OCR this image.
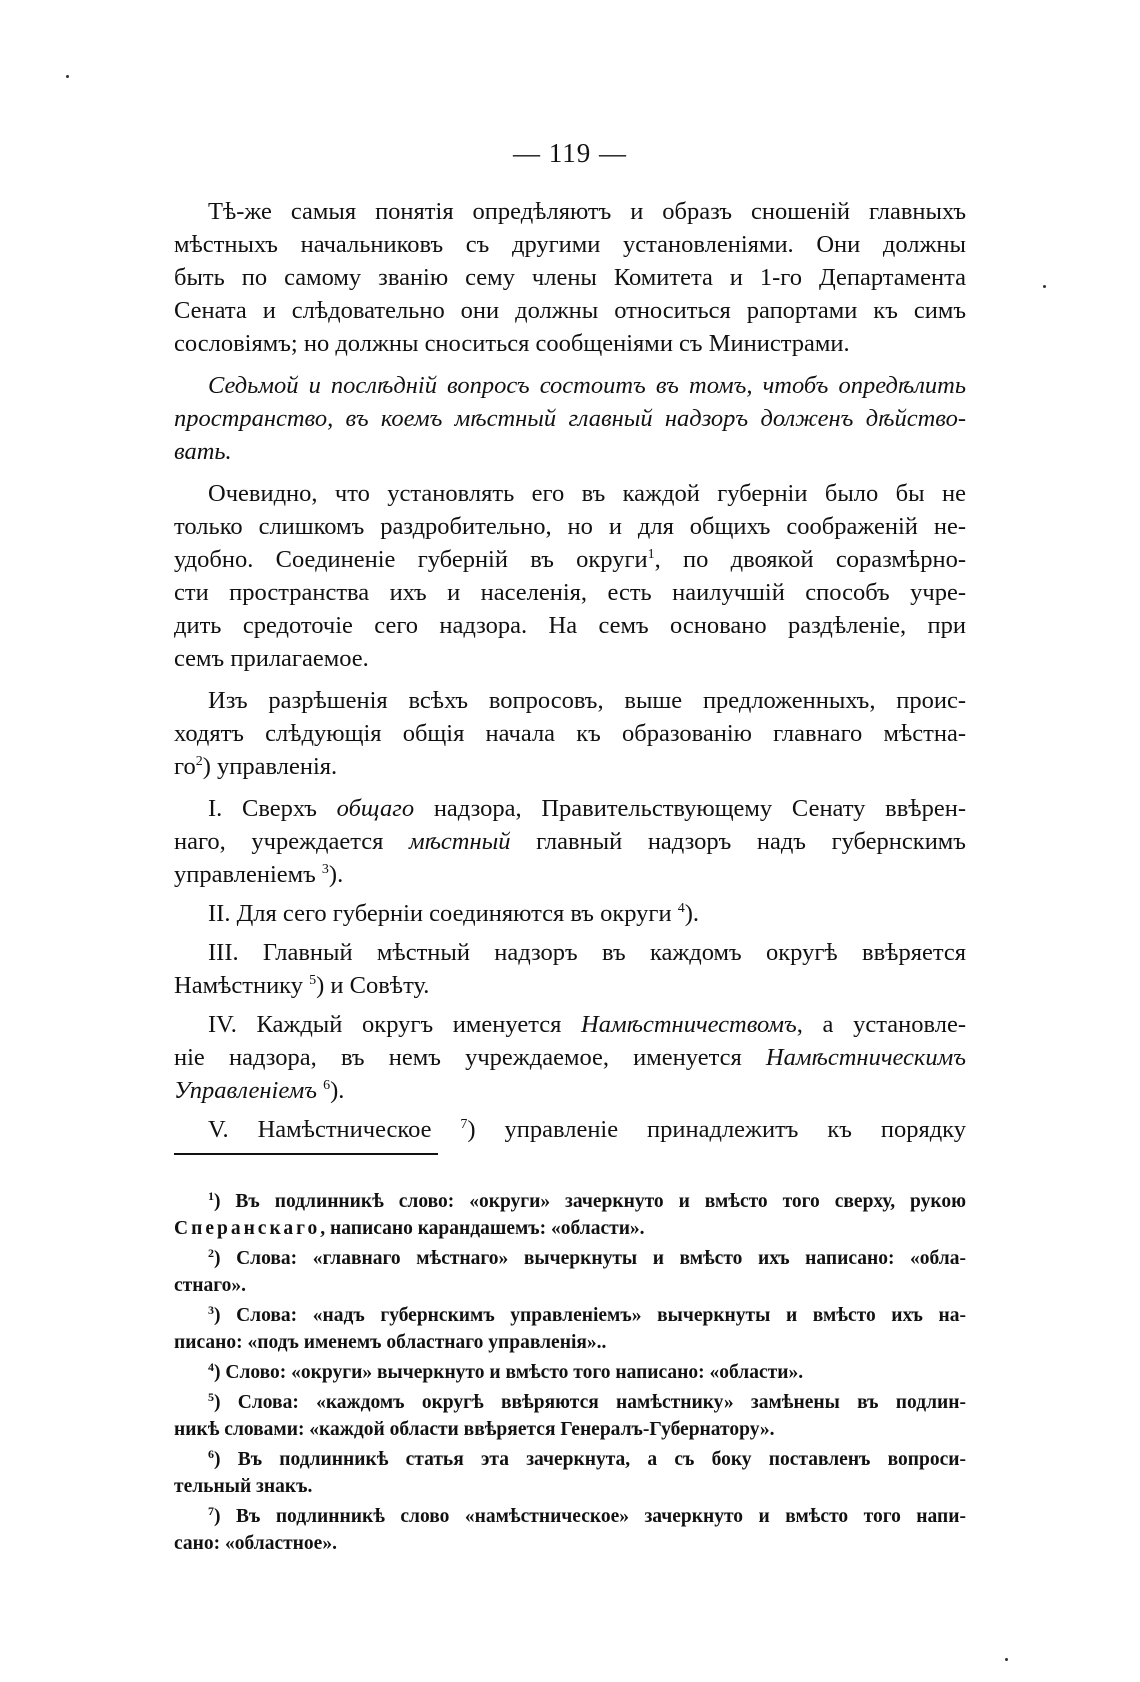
— 119 —
Тѣ-же самыя понятія опредѣляютъ и образъ сношеній главныхъ
мѣстныхъ начальниковъ съ другими установленіями. Они должны
быть по самому званію сему члены Комитета и 1-го Департамента
Сената и слѣдовательно они должны относиться рапортами къ симъ
сословіямъ; но должны сноситься сообщеніями съ Министрами.
Седьмой и послѣдній вопросъ состоитъ въ томъ, чтобъ опредѣлить
пространство, въ коемъ мѣстный главный надзоръ долженъ дѣйство-
вать.
Очевидно, что установлять его въ каждой губерніи было бы не
только слишкомъ раздробительно, но и для общихъ соображеній не-
удобно. Соединеніе губерній въ округи$^1$, по двоякой соразмѣрно-
сти пространства ихъ и населенія, есть наилучшій способъ учре-
дить средоточіе сего надзора. На семъ основано раздѣленіе, при
семъ прилагаемое.
Изъ разрѣшенія всѣхъ вопросовъ, выше предложенныхъ, проис-
ходятъ слѣдующія общія начала къ образованію главнаго мѣстна-
$го^2$) управленія.
I. Сверхъ общаго надзора, Правительствующему Сенату ввѣрен-
наго, учреждается мѣстный главный надзоръ надъ губернскимъ
управленіемъ $^3$).
II. Для сего губерніи соединяются въ округи $^4$).
III. Главный мѣстный надзоръ въ каждомъ округѣ ввѣряется
Намѣстнику $^5$) и Совѣту.
IV. Каждый округъ именуется Намѣстничествомъ, а установле-
ніе надзора, въ немъ учреждаемое, именуется Намѣстническимъ
Управленіемъ $^6$).
V. Намѣстническое $^7$) управленіе принадлежитъ къ порядку
$^1$) Въ подлинникѣ слово: «округи» зачеркнуто и вмѣсто того сверху, рукою
Сперанскаго, написано карандашемъ: «области».
$^2$) Слова: «главнаго мѣстнаго» вычеркнуты и вмѣсто ихъ написано: «обла-
стнаго».
$^3$) Слова: «надъ губернскимъ управленіемъ» вычеркнуты и вмѣсто ихъ на-
писано: «подъ именемъ областнаго управленія»..
$^4$) Слово: «округи» вычеркнуто и вмѣсто того написано: «области».
$^5$) Слова: «каждомъ округѣ ввѣряются намѣстнику» замѣнены въ подлин-
никѣ словами: «каждой области ввѣряется Генералъ-Губернатору».
$^6$) Въ подлинникѣ статья эта зачеркнута, а съ боку поставленъ вопроси-
тельный знакъ.
$^7$) Въ подлинникѣ слово «намѣстническое» зачеркнуто и вмѣсто того напи-
сано: «областное».
